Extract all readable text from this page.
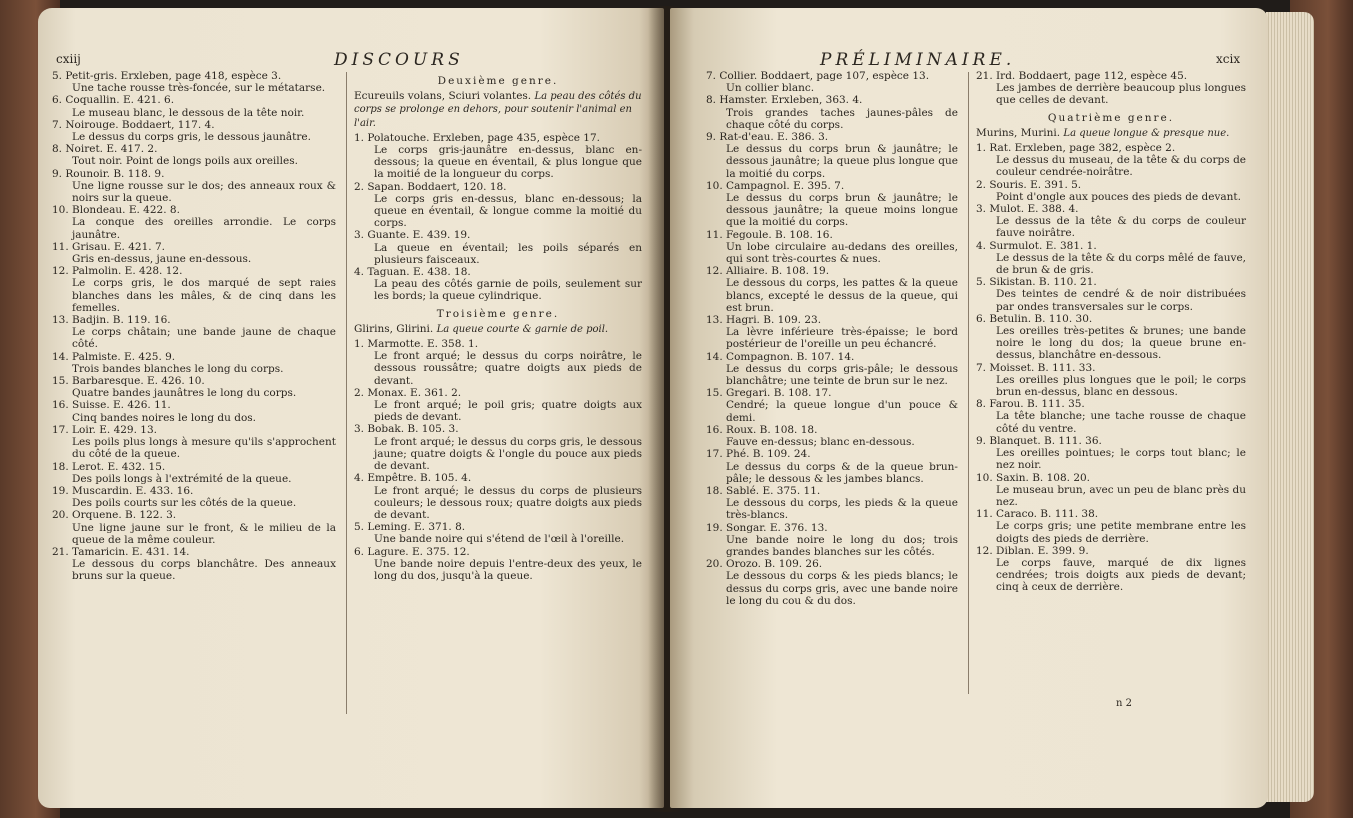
cxiij	DISCOURS
5. Petit-gris. Erxleben, page 418, espèce 3.
Une tache rousse très-foncée, sur le métatarse.
6. Coquallin. E. 421. 6.
Le museau blanc, le dessous de la tête noir.
7. Noirouge. Boddaert, 117. 4.
Le dessus du corps gris, le dessous jaunâtre.
8. Noiret. E. 417. 2.
Tout noir. Point de longs poils aux oreilles.
9. Rounoir. B. 118. 9.
Une ligne rousse sur le dos; des anneaux roux & noirs sur la queue.
10. Blondeau. E. 422. 8.
La conque des oreilles arrondie. Le corps jaunâtre.
11. Grisau. E. 421. 7.
Gris en-dessus, jaune en-dessous.
12. Palmolin. E. 428. 12.
Le corps gris, le dos marqué de sept raies blanches dans les mâles, & de cinq dans les femelles.
13. Badjin. B. 119. 16.
Le corps châtain; une bande jaune de chaque côté.
14. Palmiste. E. 425. 9.
Trois bandes blanches le long du corps.
15. Barbaresque. E. 426. 10.
Quatre bandes jaunâtres le long du corps.
16. Suisse. E. 426. 11.
Cinq bandes noires le long du dos.
17. Loir. E. 429. 13.
Les poils plus longs à mesure qu'ils s'approchent du côté de la queue.
18. Lerot. E. 432. 15.
Des poils longs à l'extrémité de la queue.
19. Muscardin. E. 433. 16.
Des poils courts sur les côtés de la queue.
20. Orquene. B. 122. 3.
Une ligne jaune sur le front, & le milieu de la queue de la même couleur.
21. Tamaricin. E. 431. 14.
Le dessous du corps blanchâtre. Des anneaux bruns sur la queue.
Deuxième genre.
Ecureuils volans, Sciuri volantes. La peau des côtés du corps se prolonge en dehors, pour soutenir l'animal en l'air.
1. Polatouche. Erxleben, page 435, espèce 17.
Le corps gris-jaunâtre en-dessus, blanc en-dessous; la queue en éventail, & plus longue que la moitié de la longueur du corps.
2. Sapan. Boddaert, 120. 18.
Le corps gris en-dessus, blanc en-dessous; la queue en éventail, & longue comme la moitié du corps.
3. Guante. E. 439. 19.
La queue en éventail; les poils séparés en plusieurs faisceaux.
4. Taguan. E. 438. 18.
La peau des côtés garnie de poils, seulement sur les bords; la queue cylindrique.
Troisième genre.
Glirins, Glirini. La queue courte & garnie de poil.
1. Marmotte. E. 358. 1.
Le front arqué; le dessus du corps noirâtre, le dessous roussâtre; quatre doigts aux pieds de devant.
2. Monax. E. 361. 2.
Le front arqué; le poil gris; quatre doigts aux pieds de devant.
3. Bobak. B. 105. 3.
Le front arqué; le dessus du corps gris, le dessous jaune; quatre doigts & l'ongle du pouce aux pieds de devant.
4. Empêtre. B. 105. 4.
Le front arqué; le dessus du corps de plusieurs couleurs; le dessous roux; quatre doigts aux pieds de devant.
5. Leming. E. 371. 8.
Une bande noire qui s'étend de l'œil à l'oreille.
6. Lagure. E. 375. 12.
Une bande noire depuis l'entre-deux des yeux, le long du dos, jusqu'à la queue.
PRÉLIMINAIRE.	xcix
7. Collier. Boddaert, page 107, espèce 13.
Un collier blanc.
8. Hamster. Erxleben, 363. 4.
Trois grandes taches jaunes-pâles de chaque côté du corps.
9. Rat-d'eau. E. 386. 3.
Le dessus du corps brun & jaunâtre; le dessous jaunâtre; la queue plus longue que la moitié du corps.
10. Campagnol. E. 395. 7.
Le dessus du corps brun & jaunâtre; le dessous jaunâtre; la queue moins longue que la moitié du corps.
11. Fegoule. B. 108. 16.
Un lobe circulaire au-dedans des oreilles, qui sont très-courtes & nues.
12. Alliaire. B. 108. 19.
Le dessous du corps, les pattes & la queue blancs, excepté le dessus de la queue, qui est brun.
13. Hagri. B. 109. 23.
La lèvre inférieure très-épaisse; le bord postérieur de l'oreille un peu échancré.
14. Compagnon. B. 107. 14.
Le dessus du corps gris-pâle; le dessous blanchâtre; une teinte de brun sur le nez.
15. Gregari. B. 108. 17.
Cendré; la queue longue d'un pouce & demi.
16. Roux. B. 108. 18.
Fauve en-dessus; blanc en-dessous.
17. Phé. B. 109. 24.
Le dessus du corps & de la queue brun-pâle; le dessous & les jambes blancs.
18. Sablé. E. 375. 11.
Le dessous du corps, les pieds & la queue très-blancs.
19. Songar. E. 376. 13.
Une bande noire le long du dos; trois grandes bandes blanches sur les côtés.
20. Orozo. B. 109. 26.
Le dessous du corps & les pieds blancs; le dessus du corps gris, avec une bande noire le long du cou & du dos.
21. Ird. Boddaert, page 112, espèce 45.
Les jambes de derrière beaucoup plus longues que celles de devant.
Quatrième genre.
Murins, Murini. La queue longue & presque nue.
1. Rat. Erxleben, page 382, espèce 2.
Le dessus du museau, de la tête & du corps de couleur cendrée-noirâtre.
2. Souris. E. 391. 5.
Point d'ongle aux pouces des pieds de devant.
3. Mulot. E. 388. 4.
Le dessus de la tête & du corps de couleur fauve noirâtre.
4. Surmulot. E. 381. 1.
Le dessus de la tête & du corps mêlé de fauve, de brun & de gris.
5. Sikistan. B. 110. 21.
Des teintes de cendré & de noir distribuées par ondes transversales sur le corps.
6. Betulin. B. 110. 30.
Les oreilles très-petites & brunes; une bande noire le long du dos; la queue brune en-dessus, blanchâtre en-dessous.
7. Moisset. B. 111. 33.
Les oreilles plus longues que le poil; le corps brun en-dessus, blanc en dessous.
8. Farou. B. 111. 35.
La tête blanche; une tache rousse de chaque côté du ventre.
9. Blanquet. B. 111. 36.
Les oreilles pointues; le corps tout blanc; le nez noir.
10. Saxin. B. 108. 20.
Le museau brun, avec un peu de blanc près du nez.
11. Caraco. B. 111. 38.
Le corps gris; une petite membrane entre les doigts des pieds de derrière.
12. Diblan. E. 399. 9.
Le corps fauve, marqué de dix lignes cendrées; trois doigts aux pieds de devant; cinq à ceux de derrière.
n 2
